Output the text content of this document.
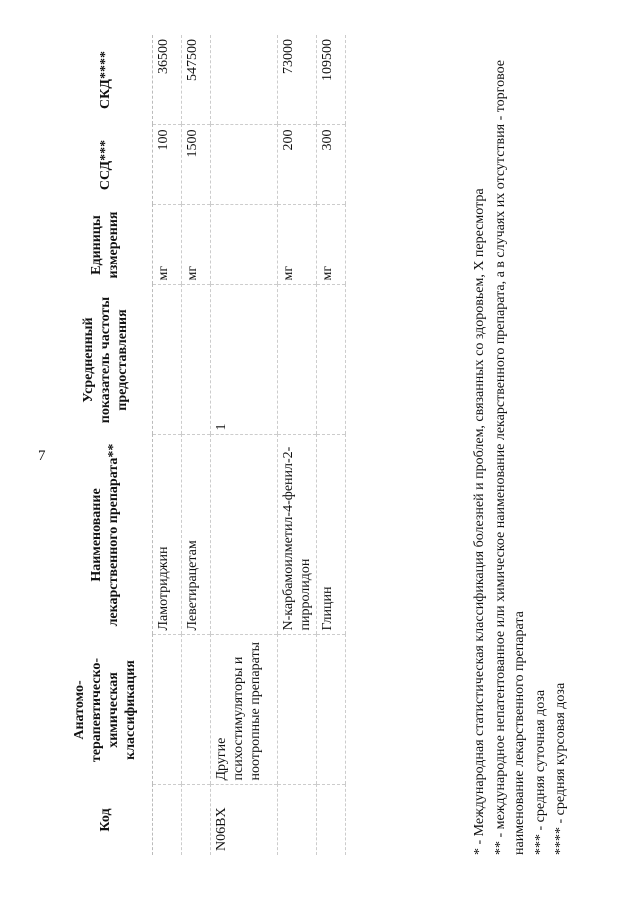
7
Код	Анатомо-терапевтическо-химическая классификация	Наименование лекарственного препарата**	Усредненный показатель частоты предоставления	Единицы измерения	ССД***	СКД****
		Ламотриджин		мг	100	36500
		Леветирацетам		мг	1500	547500
N06BX	Другие психостимуляторы и ноотропные препараты		1			
		N-карбамоилметил-4-фенил-2-пирролидон		мг	200	73000
		Глицин		мг	300	109500
* - Международная статистическая классификация болезней и проблем, связанных со здоровьем, X пересмотра ** - международное непатентованное или химическое наименование лекарственного препарата, а в случаях их отсутствия - торговое наименование лекарственного препарата *** - средняя суточная доза **** - средняя курсовая доза
